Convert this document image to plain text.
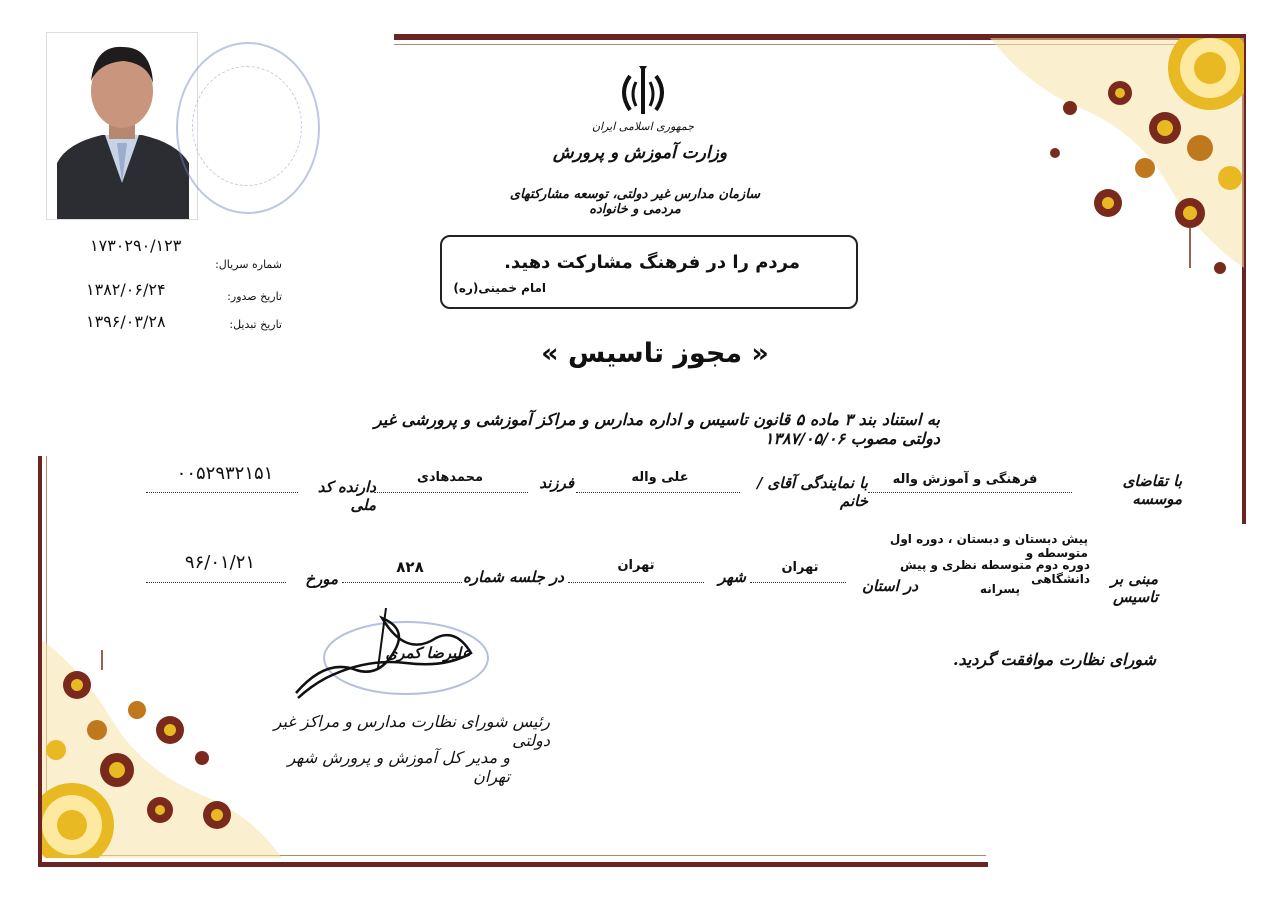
جمهوری اسلامی ایران
وزارت آموزش و پرورش
سازمان مدارس غیر دولتی، توسعه مشارکتهای مردمی و خانواده
مردم را در فرهنگ مشارکت دهید.
امام خمینی(ره)
شماره سریال:
۱۷۳۰۲۹۰/۱۲۳
تاریخ صدور:
۱۳۸۲/۰۶/۲۴
تاریخ تبدیل:
۱۳۹۶/۰۳/۲۸
« مجوز تاسیس »
به استناد بند ۳ ماده ۵ قانون تاسیس و اداره مدارس و مراکز آموزشی و پرورشی غیر دولتی مصوب ۱۳۸۷/۰۵/۰۶
با تقاضای موسسه
فرهنگی و آموزش واله
با نمایندگی آقای / خانم
علی واله
فرزند
محمدهادی
دارنده کد ملی
۰۰۵۲۹۳۲۱۵۱
مبنی بر تاسیس
پیش دبستان و دبستان ، دوره اول متوسطه و
دوره دوم متوسطه نظری و پیش دانشگاهی
پسرانه
در استان
تهران
شهر
تهران
در جلسه شماره
۸۲۸
مورخ
۹۶/۰۱/۲۱
شورای نظارت موافقت گردید.
علیرضا کمری
رئیس شورای نظارت مدارس و مراکز غیر دولتی
و مدیر کل آموزش و پرورش شهر تهران
